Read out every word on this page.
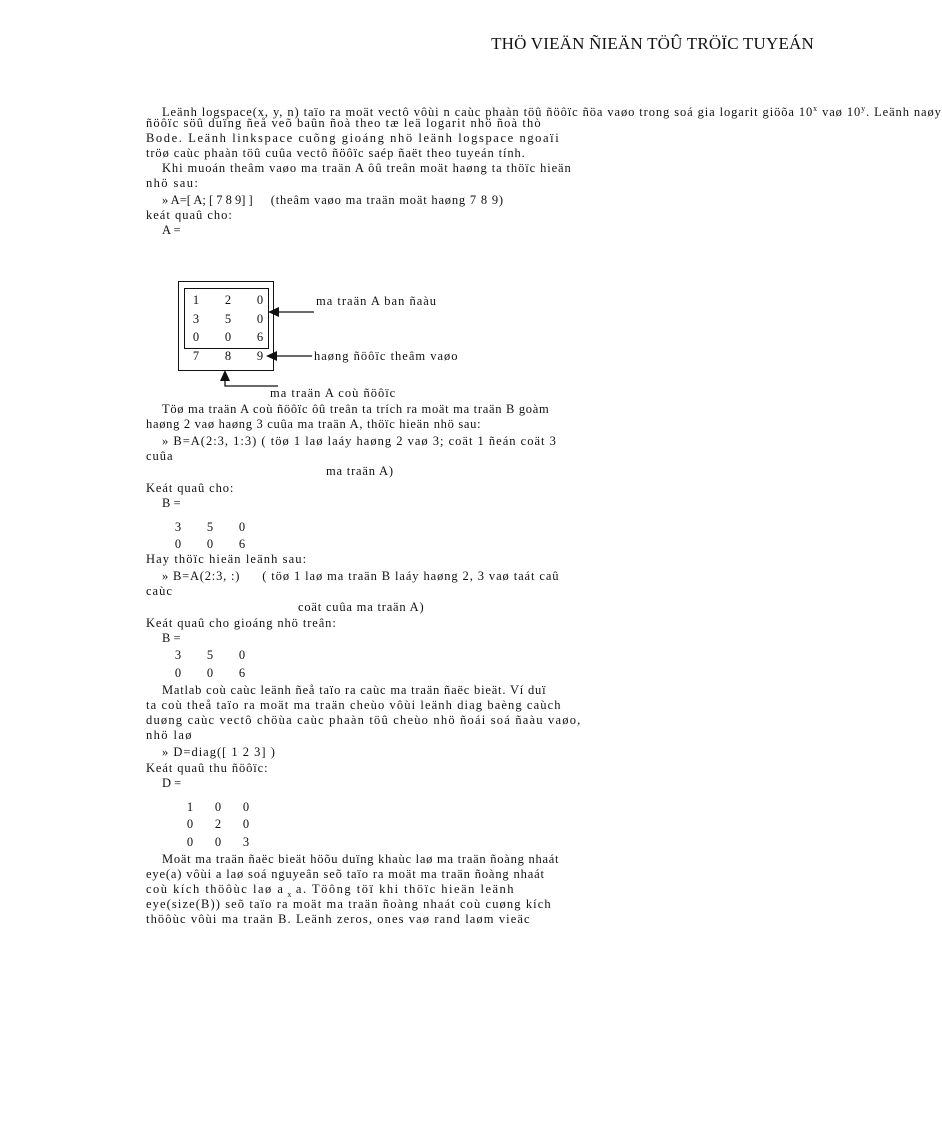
THÖ VIEÄN ÑIEÄN TÖÛ TRÖÏC TUYEÁN
Leänh logspace(x, y, n) taïo ra moät vectô vôùi n caùc phaàn töû ñöôïc ñöa vaøo trong soá gia logarit giöõa 10$^x$ vaø 10$^y$. Leänh naøy
ñöôïc söû duïng ñeå veõ baûn ñoà theo tæ leä logarit nhö ñoà thò
Bode. Leänh linkspace cuõng gioáng nhö leänh logspace ngoaïi
tröø caùc phaàn töû cuûa vectô ñöôïc saép ñaët theo tuyeán tính.
Khi muoán theâm vaøo ma traän A ôû treân moät haøng ta thöïc hieän
nhö sau:
» A=[ A; [ 7 8 9] ] (theâm vaøo ma traän moät haøng 7 8 9)
keát quaû cho:
A =
1	2	0
3	5	0
0	0	6
7	8	9
ma traän A ban ñaàu
haøng ñöôïc theâm vaøo
ma traän A coù ñöôïc
Töø ma traän A coù ñöôïc ôû treân ta trích ra moät ma traän B goàm
haøng 2 vaø haøng 3 cuûa ma traän A, thöïc hieän nhö sau:
» B=A(2:3, 1:3) ( töø 1 laø laáy haøng 2 vaø 3; coät 1 ñeán coät 3
cuûa
ma traän A)
Keát quaû cho:
B =
3	5	0
0	0	6
Hay thöïc hieän leänh sau:
» B=A(2:3, :) ( töø 1 laø ma traän B laáy haøng 2, 3 vaø taát caû
caùc
coät cuûa ma traän A)
Keát quaû cho gioáng nhö treân:
B =
3	5	0
0	0	6
Matlab coù caùc leänh ñeå taïo ra caùc ma traän ñaëc bieät. Ví duï
ta coù theå taïo ra moät ma traän cheùo vôùi leänh diag baèng caùch
duøng caùc vectô chöùa caùc phaàn töû cheùo nhö ñoái soá ñaàu vaøo,
nhö laø
» D=diag([ 1 2 3] )
Keát quaû thu ñöôïc:
D =
1	0	0
0	2	0
0	0	3
Moät ma traän ñaëc bieät höõu duïng khaùc laø ma traän ñoàng nhaát
eye(a) vôùi a laø soá nguyeân seõ taïo ra moät ma traän ñoàng nhaát
coù kích thöôùc laø a $_x$ a. Töông töï khi thöïc hieän leänh
eye(size(B)) seõ taïo ra moät ma traän ñoàng nhaát coù cuøng kích
thöôùc vôùi ma traän B. Leänh zeros, ones vaø rand laøm vieäc
